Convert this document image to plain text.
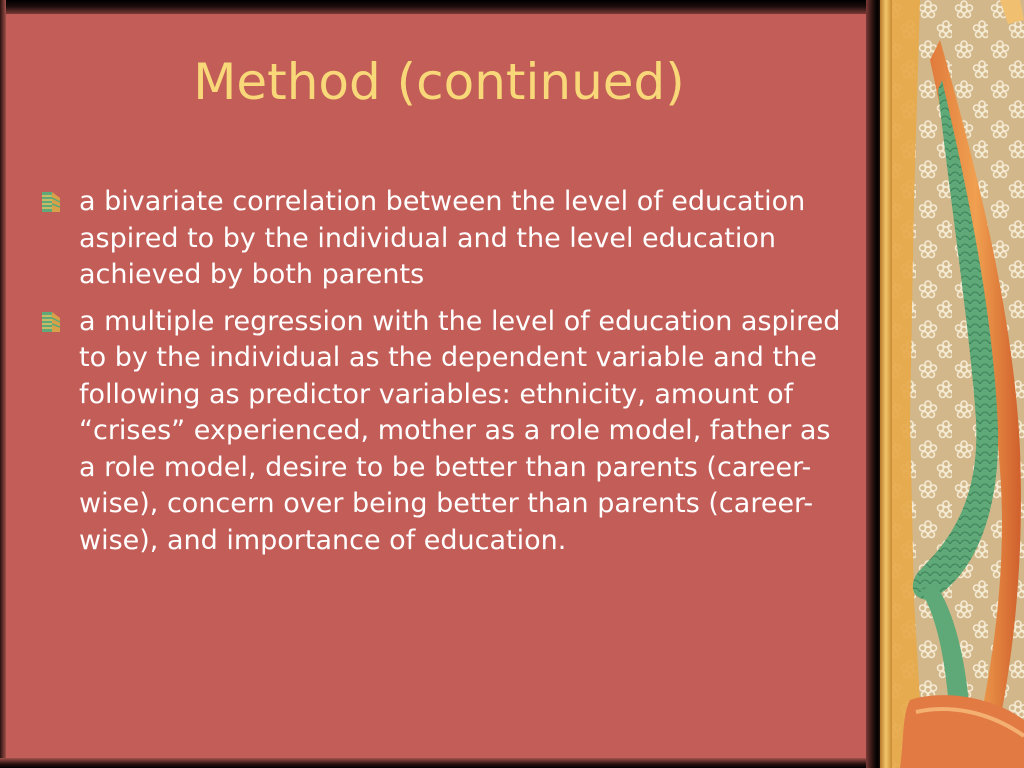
Method (continued)
a bivariate correlation between the level of education aspired to by the individual and the level education achieved by both parents
a multiple regression with the level of education aspired to by the individual as the dependent variable and the following as predictor variables: ethnicity, amount of “crises” experienced, mother as a role model, father as a role model, desire to be better than parents (career-wise), concern over being better than parents (career-wise), and importance of education.
